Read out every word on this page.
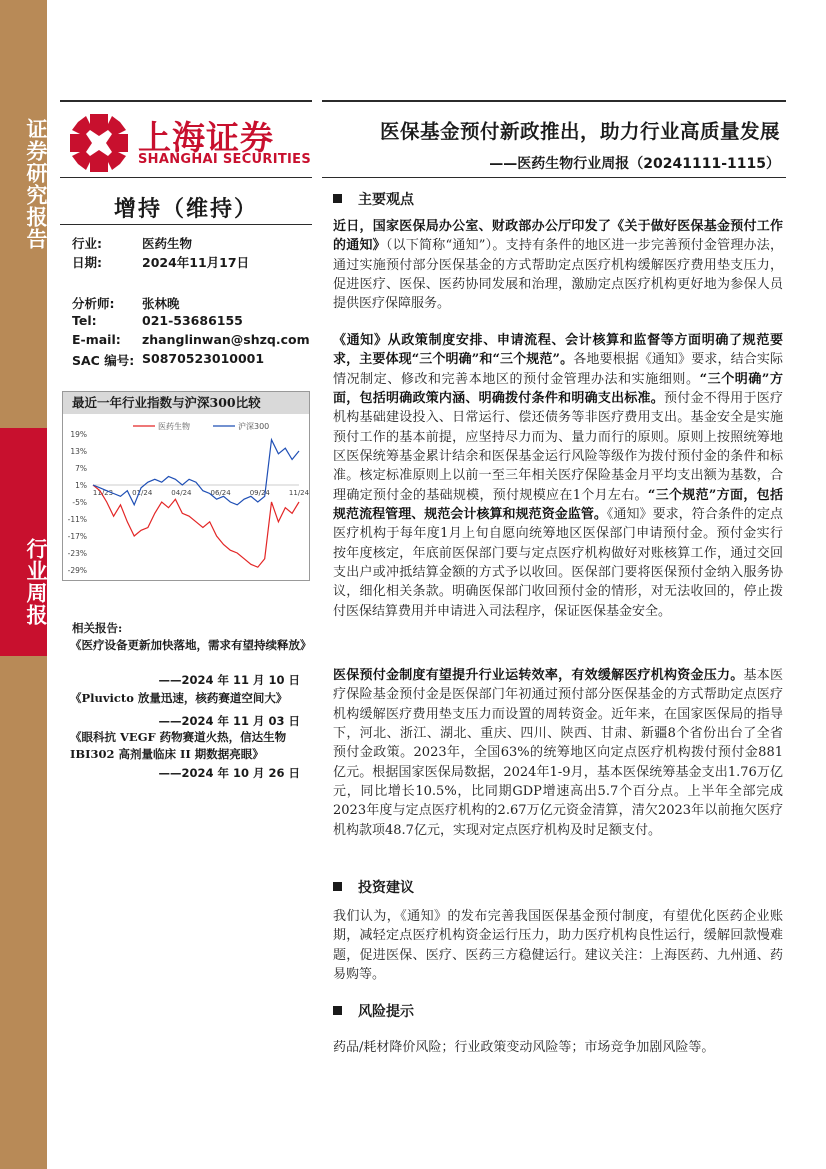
证券研究报告
行业周报
上海证券
SHANGHAI SECURITIES
医保基金预付新政推出，助力行业高质量发展
——医药生物行业周报（20241111-1115）
增持（维持）
行业:	医药生物
日期:	2024年11月17日
分析师: 张林晚
Tel:	021-53686155
E-mail: zhanglinwan@shzq.com
SAC 编号: S0870523010001
最近一年行业指数与沪深300比较
医药生物	沪深300
19%
13%
7%
1%
-5%
-11%
-17%
-23%
-29%
11/23	01/24	04/24	06/24	09/24	11/24
相关报告:
《医疗设备更新加快落地，需求有望持续释放》
——2024 年 11 月 10 日
《Pluvicto 放量迅速，核药赛道空间大》
——2024 年 11 月 03 日
《眼科抗 VEGF 药物赛道火热，信达生物 IBI302 高剂量临床 II 期数据亮眼》
——2024 年 10 月 26 日
主要观点
近日，国家医保局办公室、财政部办公厅印发了《关于做好医保基金预付工作的通知》（以下简称“通知”）。支持有条件的地区进一步完善预付金管理办法，通过实施预付部分医保基金的方式帮助定点医疗机构缓解医疗费用垫支压力，促进医疗、医保、医药协同发展和治理，激励定点医疗机构更好地为参保人员提供医疗保障服务。
《通知》从政策制度安排、申请流程、会计核算和监督等方面明确了规范要求，主要体现“三个明确”和“三个规范”。各地要根据《通知》要求，结合实际情况制定、修改和完善本地区的预付金管理办法和实施细则。“三个明确”方面，包括明确政策内涵、明确拨付条件和明确支出标准。预付金不得用于医疗机构基础建设投入、日常运行、偿还债务等非医疗费用支出。基金安全是实施预付工作的基本前提，应坚持尽力而为、量力而行的原则。原则上按照统筹地区医保统筹基金累计结余和医保基金运行风险等级作为拨付预付金的条件和标准。核定标准原则上以前一至三年相关医疗保险基金月平均支出额为基数，合理确定预付金的基础规模，预付规模应在1个月左右。“三个规范”方面，包括规范流程管理、规范会计核算和规范资金监管。《通知》要求，符合条件的定点医疗机构于每年度1月上旬自愿向统筹地区医保部门申请预付金。预付金实行按年度核定，年底前医保部门要与定点医疗机构做好对账核算工作，通过交回支出户或冲抵结算金额的方式予以收回。医保部门要将医保预付金纳入服务协议，细化相关条款。明确医保部门收回预付金的情形，对无法收回的，停止拨付医保结算费用并申请进入司法程序，保证医保基金安全。
医保预付金制度有望提升行业运转效率，有效缓解医疗机构资金压力。基本医疗保险基金预付金是医保部门年初通过预付部分医保基金的方式帮助定点医疗机构缓解医疗费用垫支压力而设置的周转资金。近年来，在国家医保局的指导下，河北、浙江、湖北、重庆、四川、陕西、甘肃、新疆8个省份出台了全省预付金政策。2023年，全国63%的统筹地区向定点医疗机构拨付预付金881亿元。根据国家医保局数据，2024年1-9月，基本医保统筹基金支出1.76万亿元，同比增长10.5%，比同期GDP增速高出5.7个百分点。上半年全部完成2023年度与定点医疗机构的2.67万亿元资金清算，清欠2023年以前拖欠医疗机构款项48.7亿元，实现对定点医疗机构及时足额支付。
投资建议
我们认为，《通知》的发布完善我国医保基金预付制度，有望优化医药企业账期，减轻定点医疗机构资金运行压力，助力医疗机构良性运行，缓解回款慢难题，促进医保、医疗、医药三方稳健运行。建议关注：上海医药、九州通、药易购等。
风险提示
药品/耗材降价风险；行业政策变动风险等；市场竞争加剧风险等。
